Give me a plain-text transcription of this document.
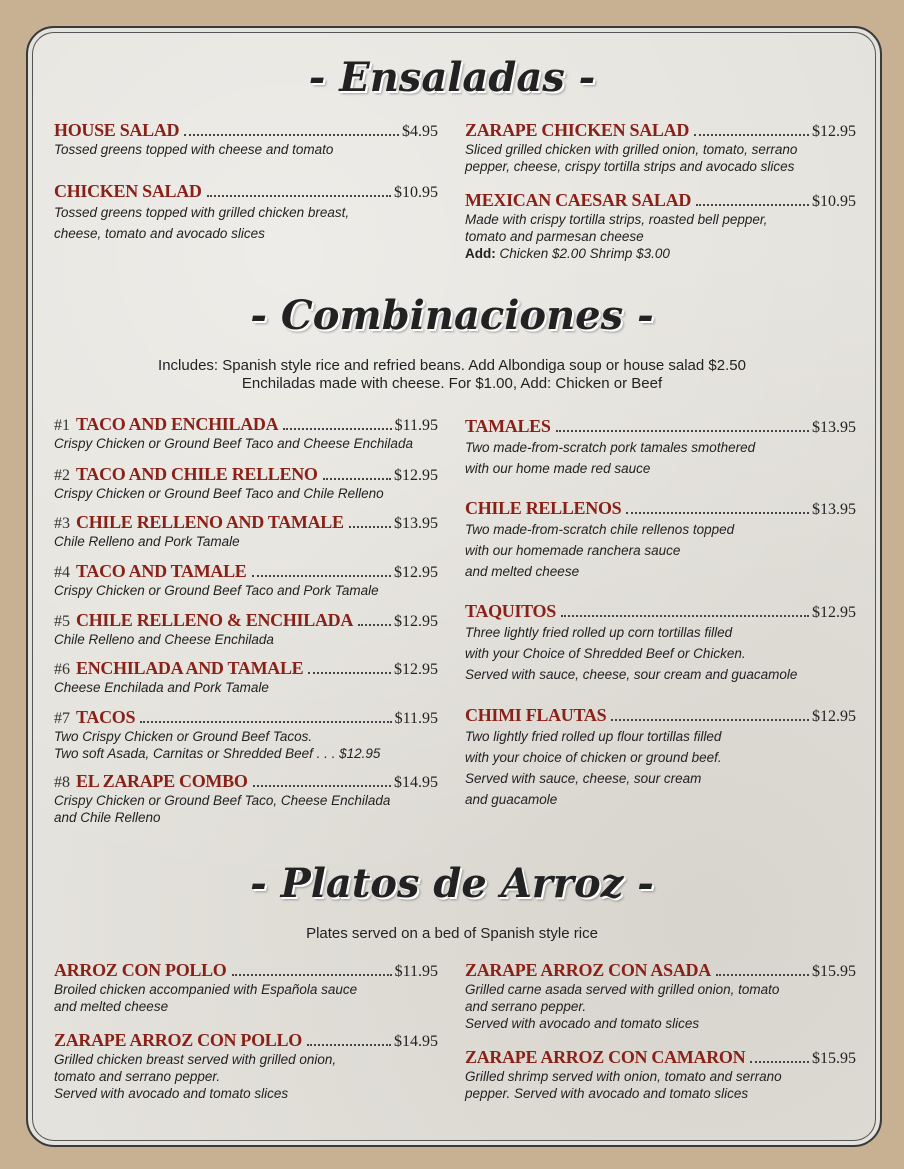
- Ensaladas -
- Combinaciones -
Includes: Spanish style rice and refried beans. Add Albondiga soup or house salad $2.50
Enchiladas made with cheese. For $1.00, Add: Chicken or Beef
- Platos de Arroz -
Plates served on a bed of Spanish style rice
HOUSE SALAD	$4.95
Tossed greens topped with cheese and tomato
CHICKEN SALAD	$10.95
Tossed greens topped with grilled chicken breast,
cheese, tomato and avocado slices
ZARAPE CHICKEN SALAD	$12.95
Sliced grilled chicken with grilled onion, tomato, serrano
pepper, cheese, crispy tortilla strips and avocado slices
MEXICAN CAESAR SALAD	$10.95
Made with crispy tortilla strips, roasted bell pepper,
tomato and parmesan cheese
Add: Chicken $2.00 Shrimp $3.00
#1 TACO AND ENCHILADA	$11.95
Crispy Chicken or Ground Beef Taco and Cheese Enchilada
#2 TACO AND CHILE RELLENO	$12.95
Crispy Chicken or Ground Beef Taco and Chile Relleno
#3 CHILE RELLENO AND TAMALE	$13.95
Chile Relleno and Pork Tamale
#4 TACO AND TAMALE	$12.95
Crispy Chicken or Ground Beef Taco and Pork Tamale
#5 CHILE RELLENO & ENCHILADA	$12.95
Chile Relleno and Cheese Enchilada
#6 ENCHILADA AND TAMALE	$12.95
Cheese Enchilada and Pork Tamale
#7 TACOS	$11.95
Two Crispy Chicken or Ground Beef Tacos.
Two soft Asada, Carnitas or Shredded Beef . . . $12.95
#8 EL ZARAPE COMBO	$14.95
Crispy Chicken or Ground Beef Taco, Cheese Enchilada
and Chile Relleno
TAMALES	$13.95
Two made-from-scratch pork tamales smothered
with our home made red sauce
CHILE RELLENOS	$13.95
Two made-from-scratch chile rellenos topped
with our homemade ranchera sauce
and melted cheese
TAQUITOS	$12.95
Three lightly fried rolled up corn tortillas filled
with your Choice of Shredded Beef or Chicken.
Served with sauce, cheese, sour cream and guacamole
CHIMI FLAUTAS	$12.95
Two lightly fried rolled up flour tortillas filled
with your choice of chicken or ground beef.
Served with sauce, cheese, sour cream
and guacamole
ARROZ CON POLLO	$11.95
Broiled chicken accompanied with Española sauce
and melted cheese
ZARAPE ARROZ CON POLLO	$14.95
Grilled chicken breast served with grilled onion,
tomato and serrano pepper.
Served with avocado and tomato slices
ZARAPE ARROZ CON ASADA	$15.95
Grilled carne asada served with grilled onion, tomato
and serrano pepper.
Served with avocado and tomato slices
ZARAPE ARROZ CON CAMARON	$15.95
Grilled shrimp served with onion, tomato and serrano
pepper. Served with avocado and tomato slices
